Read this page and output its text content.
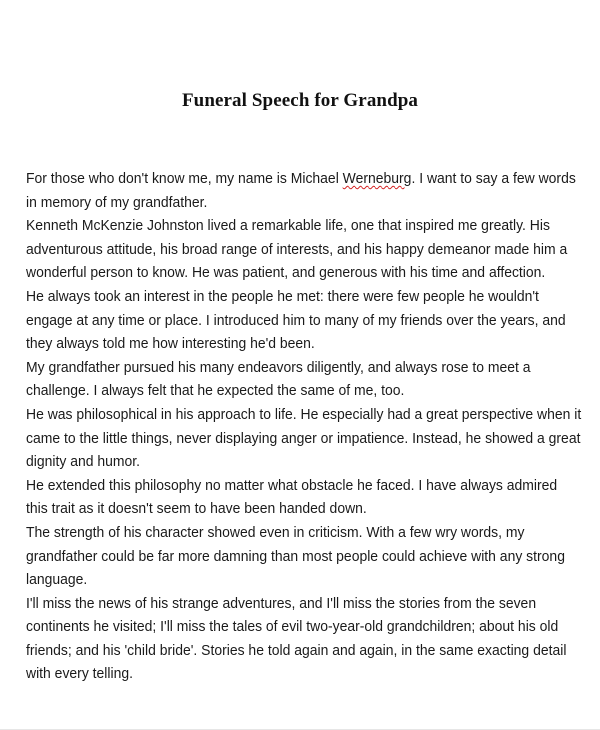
Funeral Speech for Grandpa

For those who don't know me, my name is Michael Werneburg. I want to say a few words in memory of my grandfather.

Kenneth McKenzie Johnston lived a remarkable life, one that inspired me greatly. His adventurous attitude, his broad range of interests, and his happy demeanor made him a wonderful person to know. He was patient, and generous with his time and affection.

He always took an interest in the people he met: there were few people he wouldn't engage at any time or place. I introduced him to many of my friends over the years, and they always told me how interesting he'd been.

My grandfather pursued his many endeavors diligently, and always rose to meet a challenge. I always felt that he expected the same of me, too.

He was philosophical in his approach to life. He especially had a great perspective when it came to the little things, never displaying anger or impatience. Instead, he showed a great dignity and humor.

He extended this philosophy no matter what obstacle he faced. I have always admired this trait as it doesn't seem to have been handed down.

The strength of his character showed even in criticism. With a few wry words, my grandfather could be far more damning than most people could achieve with any strong language.

I'll miss the news of his strange adventures, and I'll miss the stories from the seven continents he visited; I'll miss the tales of evil two-year-old grandchildren; about his old friends; and his 'child bride'. Stories he told again and again, in the same exacting detail with every telling.
